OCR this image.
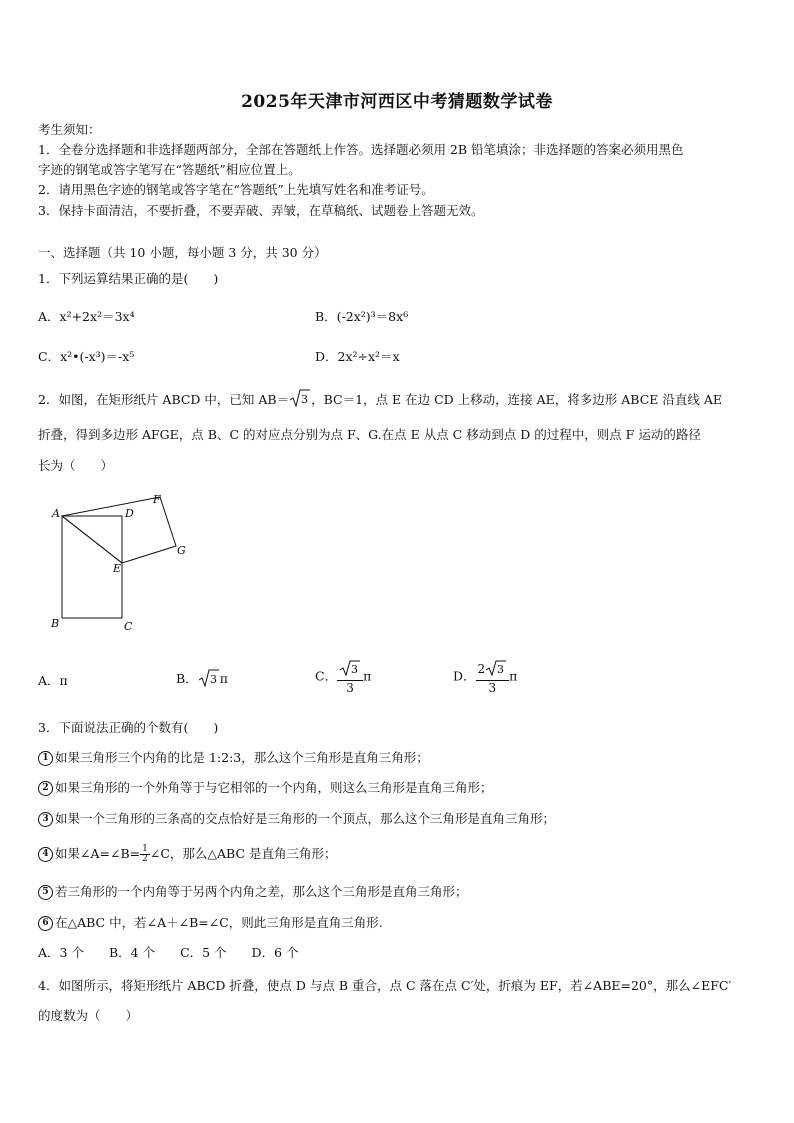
2025年天津市河西区中考猜题数学试卷
考生须知：
1．全卷分选择题和非选择题两部分，全部在答题纸上作答。选择题必须用 2B 铅笔填涂；非选择题的答案必须用黑色
字迹的钢笔或答字笔写在“答题纸”相应位置上。
2．请用黑色字迹的钢笔或答字笔在“答题纸”上先填写姓名和准考证号。
3．保持卡面清洁，不要折叠，不要弄破、弄皱，在草稿纸、试题卷上答题无效。
一、选择题（共 10 小题，每小题 3 分，共 30 分）
1．下列运算结果正确的是(　　)
A．x²+2x²＝3x⁴	B．(-2x²)³＝8x⁶
C．x²•(-x³)＝-x⁵	D．2x²÷x²＝x
2．如图，在矩形纸片 ABCD 中，已知 AB＝ 3 ，BC＝1，点 E 在边 CD 上移动，连接 AE，将多边形 ABCE 沿直线 AE
折叠，得到多边形 AFGE，点 B、C 的对应点分别为点 F、G.在点 E 从点 C 移动到点 D 的过程中，则点 F 运动的路径
长为（　　）
A	D
F
G
E
B	C
A．π	B． 3 π	C． $\frac{3}{3}$ π	D． $\frac{2 3}{3}$ π
3．下面说法正确的个数有(　　)
1 如果三角形三个内角的比是 1:2:3，那么这个三角形是直角三角形；
2 如果三角形的一个外角等于与它相邻的一个内角，则这么三角形是直角三角形；
3 如果一个三角形的三条高的交点恰好是三角形的一个顶点，那么这个三角形是直角三角形；
4 如果∠A=∠B= $\frac{1}{2}$ ∠C，那么△ABC 是直角三角形；
5 若三角形的一个内角等于另两个内角之差，那么这个三角形是直角三角形；
6 在△ABC 中，若∠A＋∠B=∠C，则此三角形是直角三角形.
A．3 个　　B．4 个　　C．5 个　　D．6 个
4．如图所示，将矩形纸片 ABCD 折叠，使点 D 与点 B 重合，点 C 落在点 C′处，折痕为 EF，若∠ABE=20°，那么∠EFC′
的度数为（　　）
